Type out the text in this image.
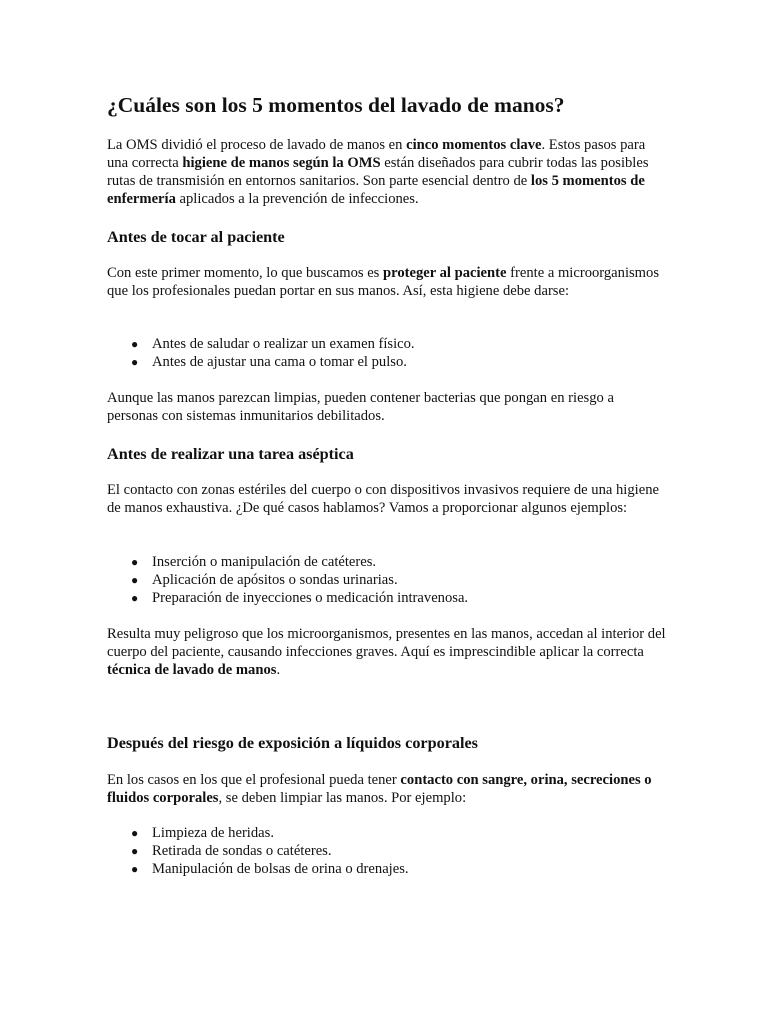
¿Cuáles son los 5 momentos del lavado de manos?

La OMS dividió el proceso de lavado de manos en cinco momentos clave. Estos pasos para una correcta higiene de manos según la OMS están diseñados para cubrir todas las posibles rutas de transmisión en entornos sanitarios. Son parte esencial dentro de los 5 momentos de enfermería aplicados a la prevención de infecciones.

Antes de tocar al paciente

Con este primer momento, lo que buscamos es proteger al paciente frente a microorganismos que los profesionales puedan portar en sus manos. Así, esta higiene debe darse:

● Antes de saludar o realizar un examen físico.
● Antes de ajustar una cama o tomar el pulso.

Aunque las manos parezcan limpias, pueden contener bacterias que pongan en riesgo a personas con sistemas inmunitarios debilitados.

Antes de realizar una tarea aséptica

El contacto con zonas estériles del cuerpo o con dispositivos invasivos requiere de una higiene de manos exhaustiva. ¿De qué casos hablamos? Vamos a proporcionar algunos ejemplos:

● Inserción o manipulación de catéteres.
● Aplicación de apósitos o sondas urinarias.
● Preparación de inyecciones o medicación intravenosa.

Resulta muy peligroso que los microorganismos, presentes en las manos, accedan al interior del cuerpo del paciente, causando infecciones graves. Aquí es imprescindible aplicar la correcta técnica de lavado de manos.

Después del riesgo de exposición a líquidos corporales

En los casos en los que el profesional pueda tener contacto con sangre, orina, secreciones o fluidos corporales, se deben limpiar las manos. Por ejemplo:

● Limpieza de heridas.
● Retirada de sondas o catéteres.
● Manipulación de bolsas de orina o drenajes.
